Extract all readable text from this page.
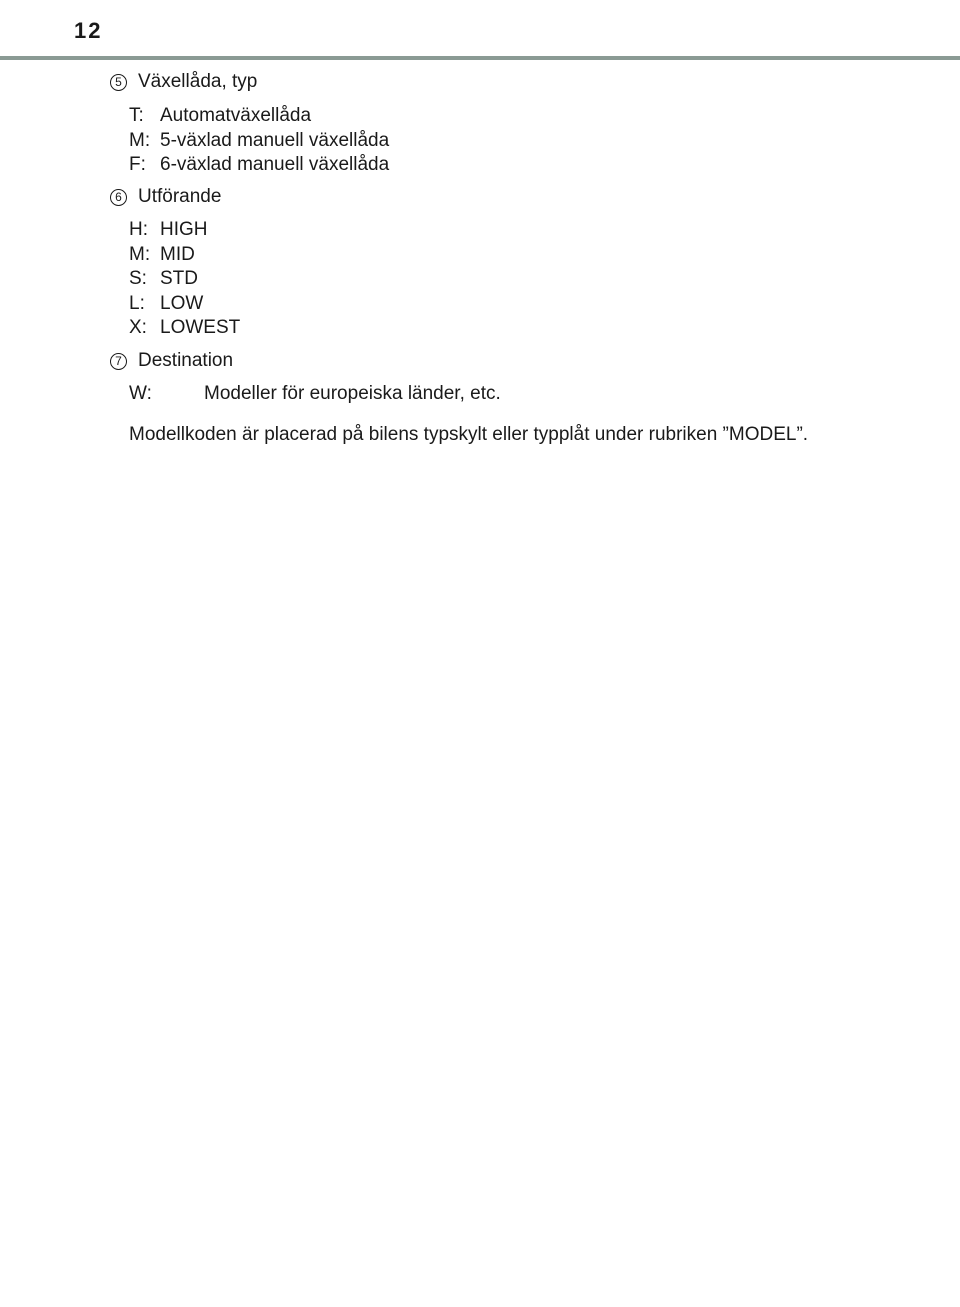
12
5 Växellåda, typ
T: Automatväxellåda
M: 5-växlad manuell växellåda
F: 6-växlad manuell växellåda
6 Utförande
H: HIGH
M: MID
S: STD
L: LOW
X: LOWEST
7 Destination
W:	Modeller för europeiska länder, etc.
Modellkoden är placerad på bilens typskylt eller typplåt under rubriken ”MODEL”.
